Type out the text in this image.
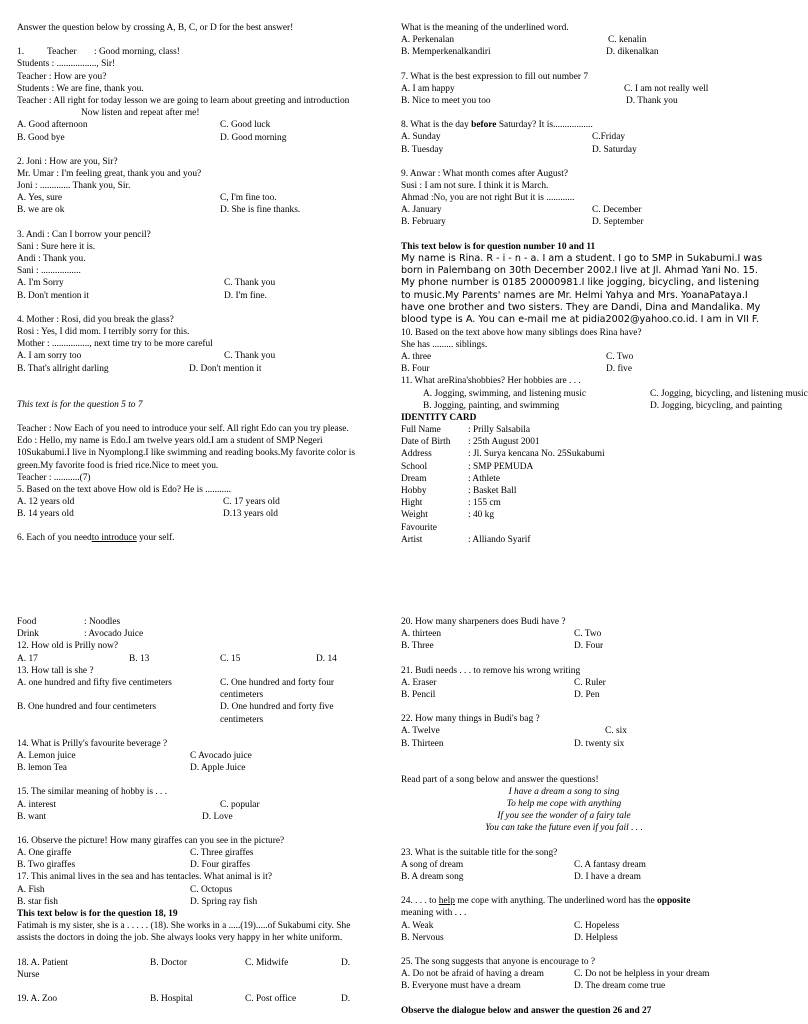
Answer the question below by crossing A, B, C, or D for the best answer!
1. Teacher : Good morning, class!
Students : ................., Sir!
Teacher : How are you?
Students : We are fine, thank you.
Teacher : All right for today lesson we are going to learn about greeting and introduction
Now listen and repeat after me!
A. Good afternoon	C. Good luck
B. Good bye	D. Good morning
2. Joni : How are you, Sir?
Mr. Umar : I'm feeling great, thank you and you?
Joni : ............. Thank you, Sir.
A. Yes, sure	C, I'm fine too.
B. we are ok	D. She is fine thanks.
3. Andi : Can I borrow your pencil?
Sani : Sure here it is.
Andi : Thank you.
Sani : .................
A. I'm Sorry	C. Thank you
B. Don't mention it	D. I'm fine.
4. Mother : Rosi, did you break the glass?
Rosi : Yes, I did mom. I terribly sorry for this.
Mother : ................, next time try to be more careful
A. I am sorry too	C. Thank you
B. That's allright darling	D. Don't mention it
This text is for the question 5 to 7
Teacher : Now Each of you need to introduce your self. All right Edo can you try please.
Edo : Hello, my name is Edo.I am twelve years old.I am a student of SMP Negeri 10Sukabumi.I live in Nyomplong.I like swimming and reading books.My favorite color is green.My favorite food is fried rice.Nice to meet you.
Teacher : ...........(7)
5. Based on the text above How old is Edo? He is ...........
A. 12 years old	C. 17 years old
B. 14 years old	D.13 years old
6. Each of you needto introduce your self.
What is the meaning of the underlined word.
A. Perkenalan	C. kenalin
B. Memperkenalkandiri	D. dikenalkan
7. What is the best expression to fill out number 7
A. I am happy	C. I am not really well
B. Nice to meet you too	D. Thank you
8. What is the day before Saturday? It is.................
A. Sunday	C.Friday
B. Tuesday	D. Saturday
9. Anwar : What month comes after August?
Susi : I am not sure. I think it is March.
Ahmad :No, you are not right But it is ............
A. January	C. December
B. February	D. September
This text below is for question number 10 and 11
My name is Rina. R - i - n - a. I am a student. I go to SMP in Sukabumi.I was born in Palembang on 30th December 2002.I live at Jl. Ahmad Yani No. 15. My phone number is 0185 20000981.I like jogging, bicycling, and listening to music.My Parents' names are Mr. Helmi Yahya and Mrs. YoanaPataya.I have one brother and two sisters. They are Dandi, Dina and Mandalika. My blood type is A. You can e-mail me at pidia2002@yahoo.co.id. I am in VII F.
10. Based on the text above how many siblings does Rina have?
She has ......... siblings.
A. three	C. Two
B. Four	D. five
11. What areRina'shobbies? Her hobbies are . . .
A. Jogging, swimming, and listening music	C. Jogging, bicycling, and listening music
B. Jogging, painting, and swimming	D. Jogging, bicycling, and painting
IDENTITY CARD
Full Name	: Prilly Salsabila
Date of Birth : 25th August 2001
Address	: Jl. Surya kencana No. 25Sukabumi
School	: SMP PEMUDA
Dream	: Athlete
Hobby	: Basket Ball
Hight	: 155 cm
Weight	: 40 kg
Favourite
Artist	: Alliando Syarif
Food	: Noodles
Drink	: Avocado Juice
12. How old is Prilly now?
A. 17	B. 13	C. 15	D. 14
13. How tall is she ?
A. one hundred and fifty five centimeters	C. One hundred and forty four centimeters
B. One hundred and four centimeters	D. One hundred and forty five centimeters
14. What is Prilly's favourite beverage ?
A. Lemon juice	C Avocado juice
B. lemon Tea	D. Apple Juice
15. The similar meaning of hobby is . . .
A. interest	C. popular
B. want	D. Love
16. Observe the picture! How many giraffes can you see in the picture?
A. One giraffe	C. Three giraffes
B. Two giraffes	D. Four giraffes
17. This animal lives in the sea and has tentacles. What animal is it?
A. Fish	C. Octopus
B. star fish	D. Spring ray fish
This text below is for the question 18, 19
Fatimah is my sister, she is a . . . . . (18). She works in a .....(19).....of Sukabumi city. She assists the doctors in doing the job. She always looks very happy in her white uniform.
18. A. Patient	B. Doctor	C. Midwife	D.
Nurse
19. A. Zoo	B. Hospital	C. Post office	D.
20. How many sharpeners does Budi have ?
A. thirteen	C. Two
B. Three	D. Four
21. Budi needs . . . to remove his wrong writing
A. Eraser	C. Ruler
B. Pencil	D. Pen
22. How many things in Budi's bag ?
A. Twelve	C. six
B. Thirteen	D. twenty six
Read part of a song below and answer the questions!
I have a dream a song to sing
To help me cope with anything
If you see the wonder of a fairy tale
You can take the future even if you fail . . .
23. What is the suitable title for the song?
A song of dream	C. A fantasy dream
B. A dream song	D. I have a dream
24. . . . to help me cope with anything. The underlined word has the opposite
meaning with . . .
A. Weak	C. Hopeless
B. Nervous	D. Helpless
25. The song suggests that anyone is encourage to ?
A. Do not be afraid of having a dream	C. Do not be helpless in your dream
B. Everyone must have a dream	D. The dream come true
Observe the dialogue below and answer the question 26 and 27
